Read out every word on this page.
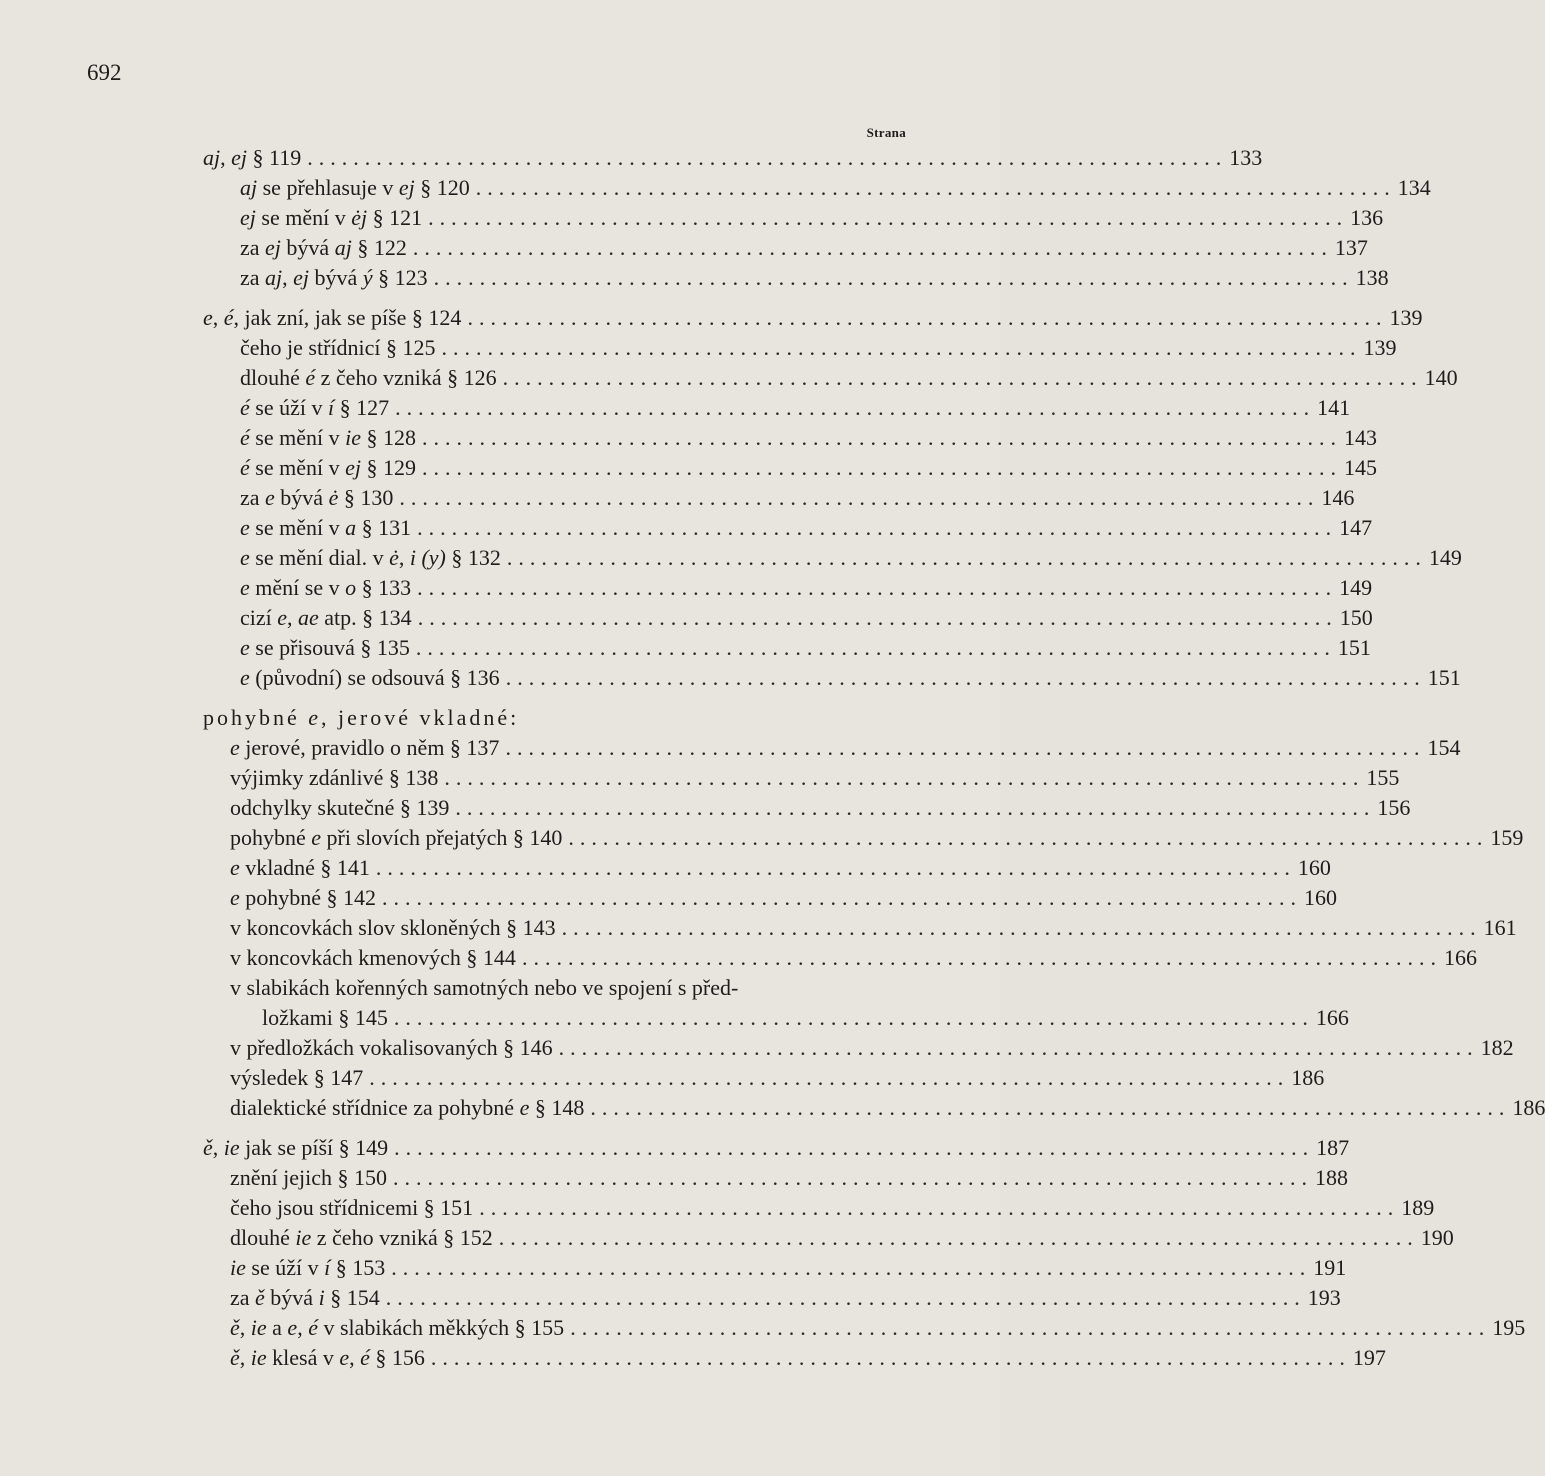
692
Strana
aj, ej § 119 ................................................................................ 133
aj se přehlasuje v ej § 120 ................................................................................ 134
ej se mění v ėj § 121 ................................................................................ 136
za ej bývá aj § 122 ................................................................................ 137
za aj, ej bývá ý § 123 ................................................................................ 138
e, é, jak zní, jak se píše § 124 ................................................................................ 139
čeho je střídnicí § 125 ................................................................................ 139
dlouhé é z čeho vzniká § 126 ................................................................................ 140
é se úží v í § 127 ................................................................................ 141
é se mění v ie § 128 ................................................................................ 143
é se mění v ej § 129 ................................................................................ 145
za e bývá ė § 130 ................................................................................ 146
e se mění v a § 131 ................................................................................ 147
e se mění dial. v ė, i (y) § 132 ................................................................................ 149
e mění se v o § 133 ................................................................................ 149
cizí e, ae atp. § 134 ................................................................................ 150
e se přisouvá § 135 ................................................................................ 151
e (původní) se odsouvá § 136 ................................................................................ 151
pohybné e, jerové vkladné:
e jerové, pravidlo o něm § 137 ................................................................................ 154
výjimky zdánlivé § 138 ................................................................................ 155
odchylky skutečné § 139 ................................................................................ 156
pohybné e při slovích přejatých § 140 ................................................................................ 159
e vkladné § 141 ................................................................................ 160
e pohybné § 142 ................................................................................ 160
v koncovkách slov skloněných § 143 ................................................................................ 161
v koncovkách kmenových § 144 ................................................................................ 166
v slabikách kořenných samotných nebo ve spojení s před-
ložkami § 145 ................................................................................ 166
v předložkách vokalisovaných § 146 ................................................................................ 182
výsledek § 147 ................................................................................ 186
dialektické střídnice za pohybné e § 148 ................................................................................ 186
ě, ie jak se píší § 149 ................................................................................ 187
znění jejich § 150 ................................................................................ 188
čeho jsou střídnicemi § 151 ................................................................................ 189
dlouhé ie z čeho vzniká § 152 ................................................................................ 190
ie se úží v í § 153 ................................................................................ 191
za ě bývá i § 154 ................................................................................ 193
ě, ie a e, é v slabikách měkkých § 155 ................................................................................ 195
ě, ie klesá v e, é § 156 ................................................................................ 197
